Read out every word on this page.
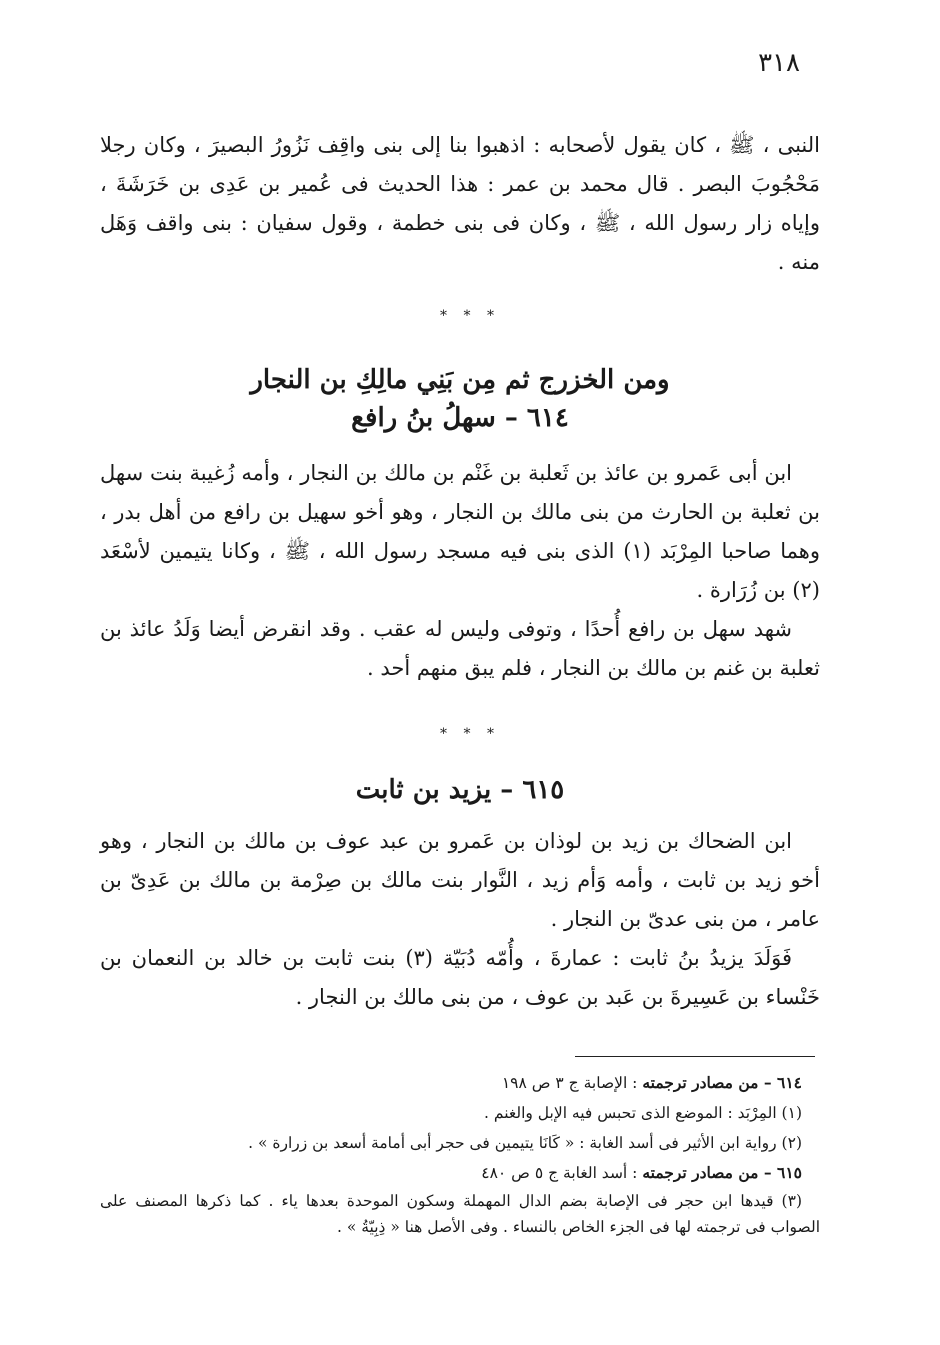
٣١٨

النبى ، ﷺ ، كان يقول لأصحابه : اذهبوا بنا إلى بنى واقِف نَزُورُ البصيرَ ، وكان رجلا مَحْجُوبَ البصر . قال محمد بن عمر : هذا الحديث فى عُمير بن عَدِى بن خَرَشَةَ ، وإياه زار رسول الله ، ﷺ ، وكان فى بنى خطمة ، وقول سفيان : بنى واقف وَهَل منه .

* * *
ومن الخزرج ثم مِن بَنِي مالِكِ بن النجار
٦١٤ – سهلُ بنُ رافع

ابن أبى عَمرو بن عائذ بن ثَعلبة بن غَنْم بن مالك بن النجار ، وأمه زُغيبة بنت سهل بن ثعلبة بن الحارث من بنى مالك بن النجار ، وهو أخو سهيل بن رافع من أهل بدر ، وهما صاحبا المِرْبَد (١) الذى بنى فيه مسجد رسول الله ، ﷺ ، وكانا يتيمين لأسْعَد (٢) بن زُرَارة .

شهد سهل بن رافع أُحدًا ، وتوفى وليس له عقب . وقد انقرض أيضا وَلَدُ عائذ بن ثعلبة بن غنم بن مالك بن النجار ، فلم يبق منهم أحد .

* * *
٦١٥ – يزيد بن ثابت

ابن الضحاك بن زيد بن لوذان بن عَمرو بن عبد عوف بن مالك بن النجار ، وهو أخو زيد بن ثابت ، وأمه وَأم زيد ، النَّوار بنت مالك بن صِرْمة بن مالك بن عَدِىّ بن عامر ، من بنى عدىّ بن النجار .

فَوَلَدَ يزيدُ بنُ ثابت : عمارةَ ، وأُمّه دُبَيّة (٣) بنت ثابت بن خالد بن النعمان بن خَنْساء بن عَسِيرةَ بن عَبد بن عوف ، من بنى مالك بن النجار .

٦١٤ – من مصادر ترجمته : الإصابة ج ٣ ص ١٩٨

(١) المِرْبَد : الموضع الذى تحبس فيه الإبل والغنم .

(٢) رواية ابن الأثير فى أسد الغابة : « كَانَا يتيمين فى حجر أبى أمامة أسعد بن زرارة » .

٦١٥ – من مصادر ترجمته : أسد الغابة ج ٥ ص ٤٨٠

(٣) قيدها ابن حجر فى الإصابة بضم الدال المهملة وسكون الموحدة بعدها ياء . كما ذكرها المصنف على الصواب فى ترجمته لها فى الجزء الخاص بالنساء . وفى الأصل هنا « ذِبِيّةُ » .
